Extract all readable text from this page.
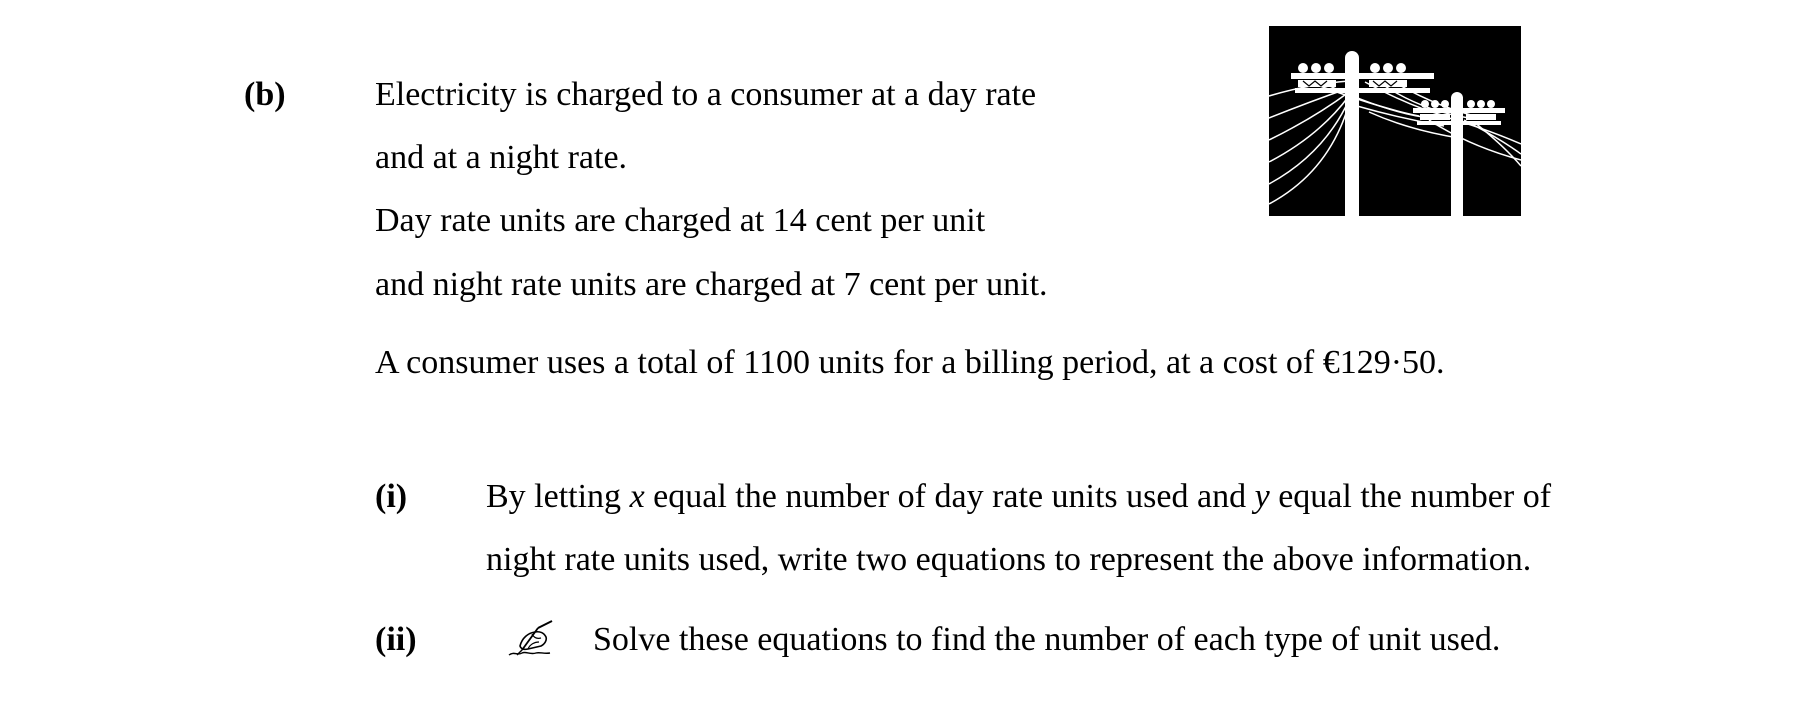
(b)	Electricity is charged to a consumer at a day rate
and at a night rate.
Day rate units are charged at 14 cent per unit
and night rate units are charged at 7 cent per unit.
A consumer uses a total of 1100 units for a billing period, at a cost of €129·50.
(i) By letting x equal the number of day rate units used and y equal the number of
night rate units used, write two equations to represent the above information.
(ii)	Solve these equations to find the number of each type of unit used.
